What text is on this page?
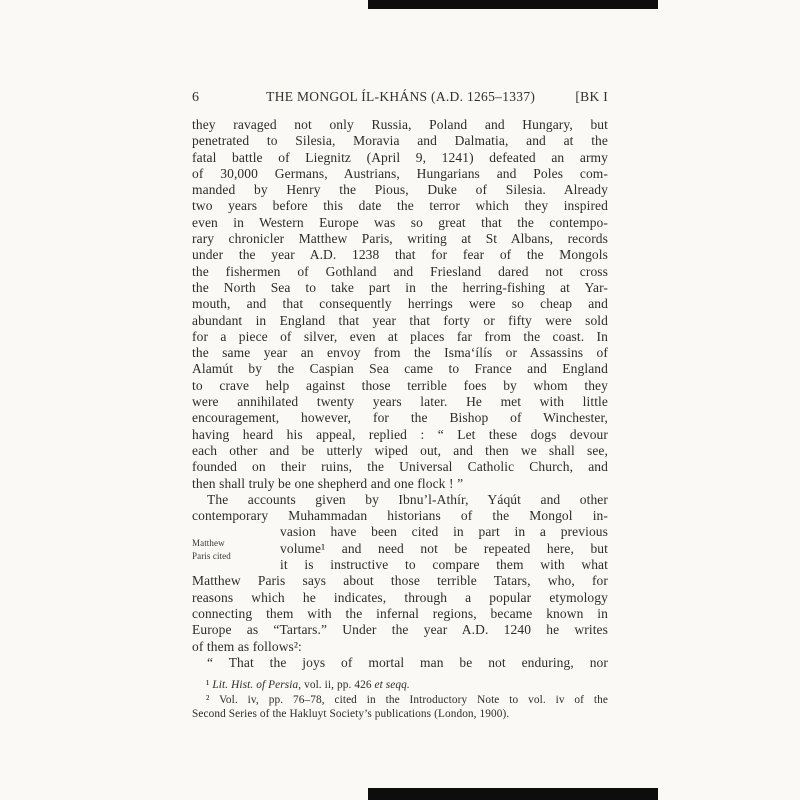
6	THE MONGOL ÍL-KHÁNS (A.D. 1265–1337)	[BK I
they ravaged not only Russia, Poland and Hungary, but
penetrated to Silesia, Moravia and Dalmatia, and at the
fatal battle of Liegnitz (April 9, 1241) defeated an army
of 30,000 Germans, Austrians, Hungarians and Poles com-
manded by Henry the Pious, Duke of Silesia. Already
two years before this date the terror which they inspired
even in Western Europe was so great that the contempo-
rary chronicler Matthew Paris, writing at St Albans, records
under the year A.D. 1238 that for fear of the Mongols
the fishermen of Gothland and Friesland dared not cross
the North Sea to take part in the herring-fishing at Yar-
mouth, and that consequently herrings were so cheap and
abundant in England that year that forty or fifty were sold
for a piece of silver, even at places far from the coast. In
the same year an envoy from the Isma‘ílís or Assassins of
Alamút by the Caspian Sea came to France and England
to crave help against those terrible foes by whom they
were annihilated twenty years later. He met with little
encouragement, however, for the Bishop of Winchester,
having heard his appeal, replied : “ Let these dogs devour
each other and be utterly wiped out, and then we shall see,
founded on their ruins, the Universal Catholic Church, and
then shall truly be one shepherd and one flock ! ”
The accounts given by Ibnu’l-Athír, Yáqút and other
contemporary Muhammadan historians of the Mongol in-
Matthew
Paris cited
vasion have been cited in part in a previous
volume¹ and need not be repeated here, but
it is instructive to compare them with what
Matthew Paris says about those terrible Tatars, who, for
reasons which he indicates, through a popular etymology
connecting them with the infernal regions, became known in
Europe as “Tartars.” Under the year A.D. 1240 he writes
of them as follows²:
“ That the joys of mortal man be not enduring, nor
¹ Lit. Hist. of Persia, vol. ii, pp. 426 et seqq.
² Vol. iv, pp. 76–78, cited in the Introductory Note to vol. iv of the
Second Series of the Hakluyt Society’s publications (London, 1900).
